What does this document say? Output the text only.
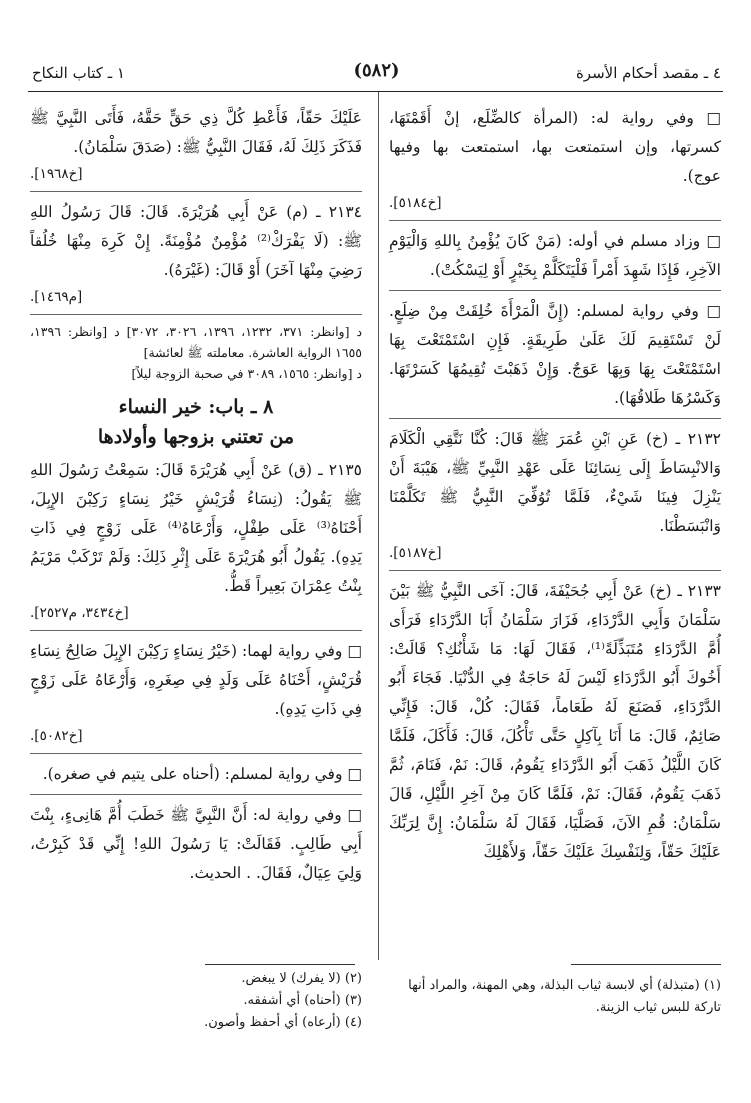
٤ ـ مقصد أحكام الأسرة
(٥٨٢)
١ ـ كتاب النكاح

□ وفي رواية له: (المرأة كالضِّلَع، إنْ أَقَمْتَهَا، كسرتها، وإن استمتعت بها، استمتعت بها وفيها عوج).
[خ٥١٨٤].

□ وزاد مسلم في أوله: (مَنْ كَانَ يُؤْمِنُ بِاللهِ وَالْيَوْمِ الآخِرِ، فَإِذَا شَهِدَ أَمْراً فَلْيَتَكَلَّمْ بِخَيْرٍ أَوْ لِيَسْكُتْ).

□ وفي رواية لمسلم: (إِنَّ الْمَرْأَةَ خُلِقَتْ مِنْ ضِلَعٍ. لَنْ تَسْتَقِيمَ لَكَ عَلَىٰ طَرِيقَةٍ. فَإِنِ اسْتَمْتَعْتَ بِهَا اسْتَمْتَعْتَ بِهَا وَبِهَا عَوَجٌ. وَإِنْ ذَهَبْتَ تُقِيمُهَا كَسَرْتَهَا. وَكَسْرُهَا طَلاقُهَا).

٢١٣٢ ـ (خ) عَنِ ٱبْنِ عُمَرَ ﷺ قَالَ: كُنَّا نَتَّقِي الْكَلَامَ وَالانْبِسَاطَ إِلَى نِسَائِنَا عَلَى عَهْدِ النَّبِيِّ ﷺ، هَيْبَةَ أَنْ يَنْزِلَ فِينَا شَيْءٌ، فَلَمَّا تُوُفِّيَ النَّبِيُّ ﷺ تَكَلَّمْنَا وَانْبَسَطْنَا.
[خ٥١٨٧].

٢١٣٣ ـ (خ) عَنْ أَبِي جُحَيْفَةَ، قَالَ: آخَى النَّبِيُّ ﷺ بَيْنَ سَلْمَانَ وَأَبِي الدَّرْدَاءِ، فَزَارَ سَلْمَانُ أَبَا الدَّرْدَاءِ فَرَأَى أُمَّ الدَّرْدَاءِ مُتَبَذِّلَةً⁽¹⁾، فَقَالَ لَهَا: مَا شَأْنُكِ؟ قَالَتْ: أَخُوكَ أَبُو الدَّرْدَاءِ لَيْسَ لَهُ حَاجَةٌ فِي الدُّنْيَا. فَجَاءَ أَبُو الدَّرْدَاءِ، فَصَنَعَ لَهُ طَعَاماً، فَقَالَ: كُلْ، قَالَ: فَإِنِّي صَائِمٌ، قَالَ: مَا أَنَا بِآكِلٍ حَتَّى تَأْكُلَ، قَالَ: فَأَكَلَ، فَلَمَّا كَانَ اللَّيْلُ ذَهَبَ أَبُو الدَّرْدَاءِ يَقُومُ، قَالَ: نَمْ، فَنَامَ، ثُمَّ ذَهَبَ يَقُومُ، فَقَالَ: نَمْ، فَلَمَّا كَانَ مِنْ آخِرِ اللَّيْلِ، قَالَ سَلْمَانُ: قُمِ الآنَ، فَصَلَّيَا، فَقَالَ لَهُ سَلْمَانُ: إِنَّ لِرَبِّكَ عَلَيْكَ حَقّاً، وَلِنَفْسِكَ عَلَيْكَ حَقّاً، وَلأَهْلِكَ

عَلَيْكَ حَقّاً، فَأَعْطِ كُلَّ ذِي حَقٍّ حَقَّهُ، فَأَتَى النَّبِيَّ ﷺ فَذَكَرَ ذَلِكَ لَهُ، فَقَالَ النَّبِيُّ ﷺ: (صَدَقَ سَلْمَانُ).
[خ١٩٦٨].

٢١٣٤ ـ (م) عَنْ أَبِي هُرَيْرَةَ. قَالَ: قَالَ رَسُولُ اللهِ ﷺ: (لَا يَفْرَكْ⁽²⁾ مُؤْمِنٌ مُؤْمِنَةً. إِنْ كَرِهَ مِنْهَا خُلُقاً رَضِيَ مِنْهَا آخَرَ) أَوْ قَالَ: (غَيْرَهُ).
[م١٤٦٩].

د [وانظر: ٣٧١، ١٢٣٢، ١٣٩٦، ٣٠٢٦، ٣٠٧٢] د [وانظر: ١٣٩٦، ١٦٥٥ الرواية العاشرة. معاملته ﷺ لعائشة]

د [وانظر: ١٥٦٥، ٣٠٨٩ في صحبة الزوجة ليلاً]

٨ ـ باب: خير النساء

من تعتني بزوجها وأولادها

٢١٣٥ ـ (ق) عَنْ أَبِي هُرَيْرَةَ قَالَ: سَمِعْتُ رَسُولَ اللهِ ﷺ يَقُولُ: (نِسَاءُ قُرَيْشٍ خَيْرُ نِسَاءٍ رَكِبْنَ الإِبِلَ، أَحْنَاهُ⁽³⁾ عَلَى طِفْلٍ، وَأَرْعَاهُ⁽⁴⁾ عَلَى زَوْجٍ فِي ذَاتِ يَدِهِ). يَقُولُ أَبُو هُرَيْرَةَ عَلَى إِثْرِ ذَلِكَ: وَلَمْ تَرْكَبْ مَرْيَمُ بِنْتُ عِمْرَانَ بَعِيراً قَطُّ.
[خ٣٤٣٤، م٢٥٢٧].

□ وفي رواية لهما: (خَيْرُ نِسَاءٍ رَكِبْنَ الإِبِلَ صَالِحُ نِسَاءِ قُرَيْشٍ، أَحْنَاهُ عَلَى وَلَدٍ فِي صِغَرِهِ، وَأَرْعَاهُ عَلَى زَوْجٍ فِي ذَاتِ يَدِهِ).
[خ٥٠٨٢].

□ وفي رواية لمسلم: (أحناه على يتيم في صغره).

□ وفي رواية له: أَنَّ النَّبِيَّ ﷺ خَطَبَ أُمَّ هَانِىءٍ، بِنْتَ أَبِي طَالِبٍ. فَقَالَتْ: يَا رَسُولَ اللهِ! إِنِّي قَدْ كَبِرْتُ، وَلِيَ عِيَالٌ، فَقَالَ. . الحديث.

(١) (متبذلة) أي لابسة ثياب البذلة، وهي المهنة، والمراد أنها تاركة للبس ثياب الزينة.

(٢) (لا يفرك) لا يبغض.

(٣) (أحناه) أي أشفقه.

(٤) (أرعاه) أي أحفظ وأصون.
